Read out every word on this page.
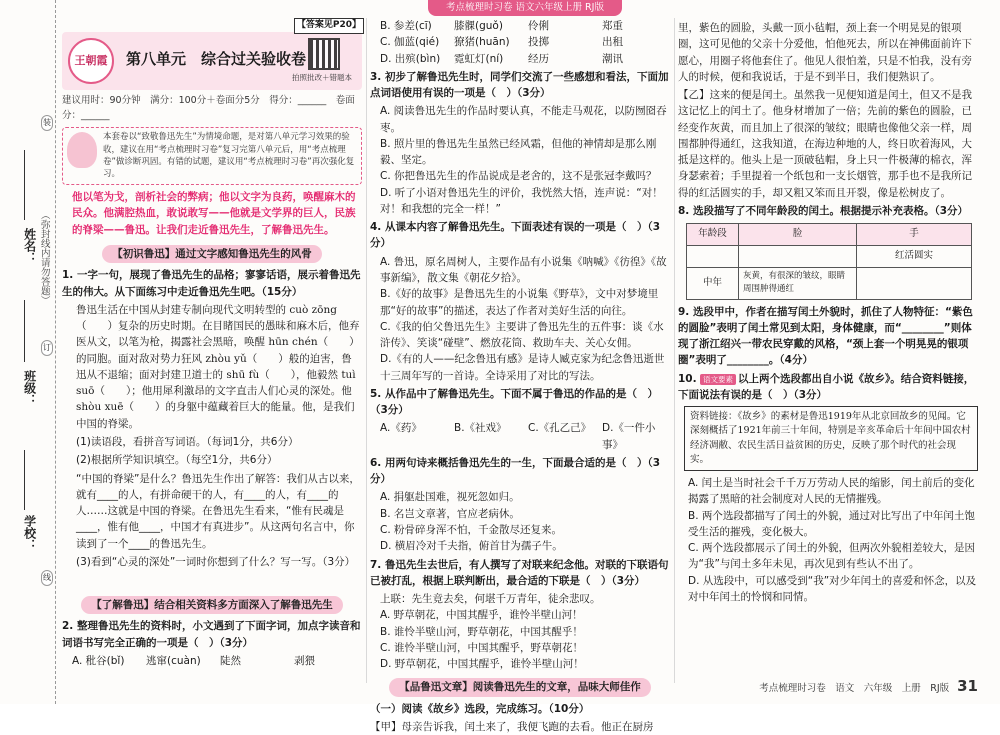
考点梳理时习卷 语文六年级上册 RJ版
学校：
班级：
姓名： （弥封线内请勿答题）
装
订
线
【答案见P20】
王朝霞 第八单元　综合过关验收卷
拍照批改＋错题本
建议用时：90分钟　满分：100分＋卷面分5分　得分：______　卷面分：______
本套卷以“致敬鲁迅先生”为情境命题，是对第八单元学习效果的验收，建议在用“考点梳理时习卷”复习完第八单元后，用“考点梳理卷”做诊断巩固。有错的试题，建议用“考点梳理时习卷”再次强化复习。
他以笔为戈，剖析社会的弊病；他以文字为良药，唤醒麻木的民众。他满腔热血，敢说敢写——他就是文学界的巨人，民族的脊梁——鲁迅。让我们走近鲁迅先生，了解鲁迅先生。
【初识鲁迅】通过文字感知鲁迅先生的风骨
1. 一字一句，展现了鲁迅先生的品格；寥寥话语，展示着鲁迅先生的伟大。从下面练习中走近鲁迅先生吧。（15分）
鲁迅生活在中国从封建专制向现代文明转型的 cuò zōng（　　）复杂的历史时期。在目睹国民的愚昧和麻木后，他弃医从文，以笔为枪，揭露社会黑暗，唤醒 hūn chén（　　）的同胞。面对敌对势力狂风 zhòu yǔ（　　）般的迫害，鲁迅从不退缩；面对封建卫道士的 shū fù（　　），他毅然 tuì suō（　　）；他用犀利激昂的文字直击人们心灵的深处。他 shòu xuē（　　）的身躯中蕴藏着巨大的能量。他，是我们中国的脊梁。
(1)读语段，看拼音写词语。（每词1分，共6分）
(2)根据所学知识填空。（每空1分，共6分）
“中国的脊梁”是什么？鲁迅先生作出了解答：我们从古以来，就有____的人，有拼命硬干的人，有____的人，有____的人……这就是中国的脊梁。在鲁迅先生看来，“惟有民魂是____，惟有他____，中国才有真进步”。从这两句名言中，你读到了一个____的鲁迅先生。
(3)看到“心灵的深处”一词时你想到了什么？写一写。（3分）
【了解鲁迅】结合相关资料多方面深入了解鲁迅先生
2. 整理鲁迅先生的资料时，小文遇到了下面字词，加点字读音和词语书写完全正确的一项是（　）（3分）
A. 秕谷(bǐ)	逃窜(cuàn)	陡然	剥猥
B. 参差(cī)	膝髁(guǒ)	伶俐	郑重
C. 伽蓝(qié)	獠猪(huān)	投掷	出租
D. 出殡(bìn)	霓虹灯(ní)	经历	潮讯
3. 初步了解鲁迅先生时，同学们交流了一些感想和看法，下面加点词语使用有误的一项是（　）（3分）
A. 阅读鲁迅先生的作品时要认真，不能走马观花，以防囫囵吞枣。
B. 照片里的鲁迅先生虽然已经风霜，但他的神情却是那么刚毅、坚定。
C. 你把鲁迅先生的作品说成是老舍的，这不是张冠李戴吗？
D. 听了小语对鲁迅先生的评价，我恍然大悟，连声说：“对！对！和我想的完全一样！”
4. 从课本内容了解鲁迅先生。下面表述有误的一项是（　）（3分）
A. 鲁迅，原名周树人，主要作品有小说集《呐喊》《彷徨》《故事新编》，散文集《朝花夕拾》。
B.《好的故事》是鲁迅先生的小说集《野草》，文中对梦境里那“好的故事”的描述，表达了作者对美好生活的向往。
C.《我的伯父鲁迅先生》主要讲了鲁迅先生的五件事：谈《水浒传》、笑谈“碰壁”、燃放花筒、救助车夫、关心女佣。
D.《有的人——纪念鲁迅有感》是诗人臧克家为纪念鲁迅逝世十三周年写的一首诗。全诗采用了对比的写法。
5. 从作品中了解鲁迅先生。下面不属于鲁迅的作品的是（　）（3分）
A.《药》	B.《社戏》	C.《孔乙己》	D.《一件小事》
6. 用两句诗来概括鲁迅先生的一生，下面最合适的是（　）（3分）
A. 捐躯赴国难，视死忽如归。
B. 名岂文章著，官应老病休。
C. 粉骨碎身浑不怕，千金散尽还复来。
D. 横眉冷对千夫指，俯首甘为孺子牛。
7. 鲁迅先生去世后，有人撰写了对联来纪念他。对联的下联语句已被打乱，根据上联判断出，最合适的下联是（　）（3分）
上联：先生竟去矣，何堪千万青年，徒余悲叹。
A. 野草朝花，中国其醒乎，谁怜半壁山河！
B. 谁怜半壁山河，野草朝花，中国其醒乎！
C. 谁怜半壁山河，中国其醒乎，野草朝花！
D. 野草朝花，中国其醒乎，谁怜半壁山河！
【品鲁迅文章】阅读鲁迅先生的文章，品味大师佳作
（一）阅读《故乡》选段，完成练习。（10分）
【甲】母亲告诉我，闰土来了，我便飞跑的去看。他正在厨房
里，紫色的圆脸，头戴一顶小毡帽，颈上套一个明晃晃的银项圈，这可见他的父亲十分爱他，怕他死去，所以在神佛面前许下愿心，用圈子将他套住了。他见人很怕羞，只是不怕我，没有旁人的时候，便和我说话，于是不到半日，我们便熟识了。
【乙】这来的便是闰土。虽然我一见便知道是闰土，但又不是我这记忆上的闰土了。他身材增加了一倍；先前的紫色的圆脸，已经变作灰黄，而且加上了很深的皱纹；眼睛也像他父亲一样，周围都肿得通红，这我知道，在海边种地的人，终日吹着海风，大抵是这样的。他头上是一顶破毡帽，身上只一件极薄的棉衣，浑身瑟索着；手里提着一个纸包和一支长烟管，那手也不是我所记得的红活圆实的手，却又粗又笨而且开裂，像是松树皮了。
8. 选段描写了不同年龄段的闰土。根据提示补充表格。（3分）
年龄段	脸	手
		红活圆实
中年	灰黄，有很深的皱纹，眼睛周围肿得通红	
9. 选段甲中，作者在描写闰土外貌时，抓住了人物特征：“紫色的圆脸”表明了闰土常见到太阳，身体健康，而“________”则体现了浙江绍兴一带农民穿戴的风格，“颈上套一个明晃晃的银项圈”表明了________。（4分）
10. 语文要素 以上两个选段都出自小说《故乡》。结合资料链接，下面说法有误的是（　）（3分）
资料链接：《故乡》的素材是鲁迅1919年从北京回故乡的见闻。它深刻概括了1921年前三十年间，特别是辛亥革命后十年间中国农村经济凋敝、农民生活日益贫困的历史，反映了那个时代的社会现实。
A. 闰土是当时社会千千万万劳动人民的缩影，闰土前后的变化揭露了黑暗的社会制度对人民的无情摧残。
B. 两个选段都描写了闰土的外貌，通过对比写出了中年闰土饱受生活的摧残，变化极大。
C. 两个选段都展示了闰土的外貌，但两次外貌相差较大，是因为“我”与闰土多年未见，再次见到有些认不出了。
D. 从选段中，可以感受到“我”对少年闰土的喜爱和怀念，以及对中年闰土的怜悯和同情。
考点梳理时习卷　语文　六年级　上册　RJ版 31
